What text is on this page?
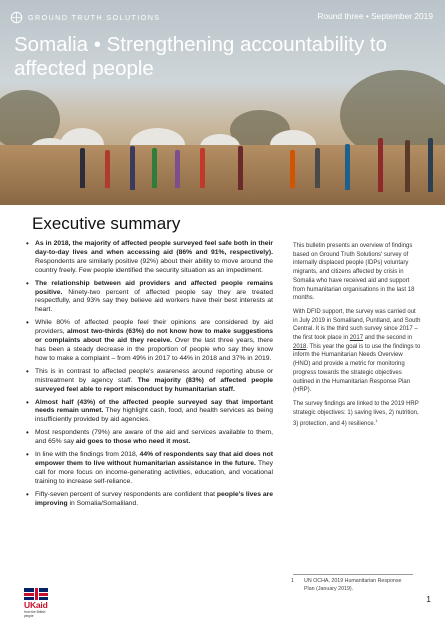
GROUND TRUTH SOLUTIONS	Round three • September 2019
Somalia • Strengthening accountability to affected people
Executive summary
• As in 2018, the majority of affected people surveyed feel safe both in their day-to-day lives and when accessing aid (86% and 91%, respectively). Respondents are similarly positive (92%) about their ability to move around the country freely. Few people identified the security situation as an impediment.
• The relationship between aid providers and affected people remains positive. Ninety-two percent of affected people say they are treated respectfully, and 93% say they believe aid workers have their best interests at heart.
• While 80% of affected people feel their opinions are considered by aid providers, almost two-thirds (63%) do not know how to make suggestions or complaints about the aid they receive. Over the last three years, there has been a steady decrease in the proportion of people who say they know how to make a complaint – from 49% in 2017 to 44% in 2018 and 37% in 2019.
• This is in contrast to affected people's awareness around reporting abuse or mistreatment by agency staff. The majority (83%) of affected people surveyed feel able to report misconduct by humanitarian staff.
• Almost half (43%) of the affected people surveyed say that important needs remain unmet. They highlight cash, food, and health services as being insufficiently provided by aid agencies.
• Most respondents (79%) are aware of the aid and services available to them, and 65% say aid goes to those who need it most.
• In line with the findings from 2018, 44% of respondents say that aid does not empower them to live without humanitarian assistance in the future. They call for more focus on income-generating activities, education, and vocational training to increase self-reliance.
• Fifty-seven percent of survey respondents are confident that people's lives are improving in Somalia/Somaliland.

This bulletin presents an overview of findings based on Ground Truth Solutions' survey of internally displaced people (IDPs) voluntary migrants, and citizens affected by crisis in Somalia who have received aid and support from humanitarian organisations in the last 18 months.

With DFID support, the survey was carried out in July 2019 in Somaliland, Puntland, and South Central. It is the third such survey since 2017 – the first took place in 2017 and the second in 2018. This year the goal is to use the findings to inform the Humanitarian Needs Overview (HNO) and provide a metric for monitoring progress towards the strategic objectives outlined in the Humanitarian Response Plan (HRP).

The survey findings are linked to the 2019 HRP strategic objectives: 1) saving lives, 2) nutrition, 3) protection, and 4) resilience.$^1$

1	UN OCHA, 2019 Humanitarian Response Plan (January 2019).
UKaid
from the British people
1
